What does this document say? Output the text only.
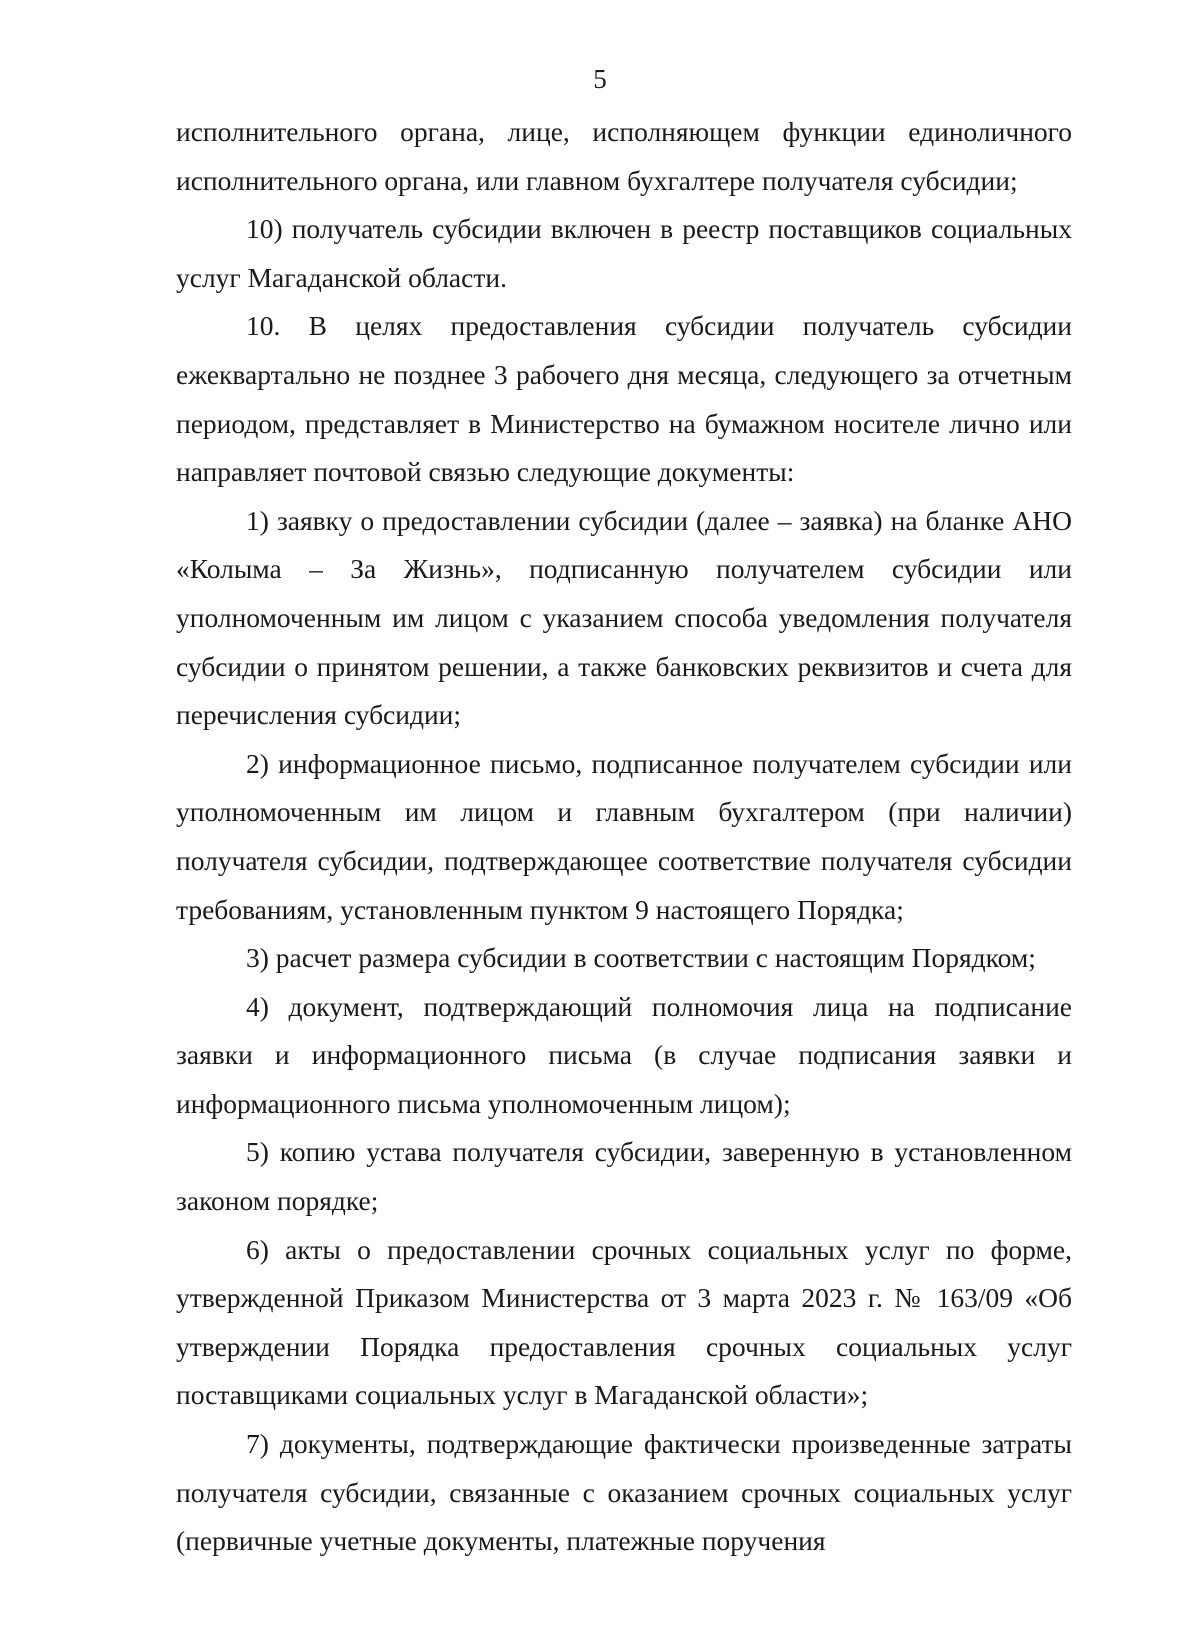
5

исполнительного органа, лице, исполняющем функции единоличного исполнительного органа, или главном бухгалтере получателя субсидии;

10) получатель субсидии включен в реестр поставщиков социальных услуг Магаданской области.

10. В целях предоставления субсидии получатель субсидии ежеквартально не позднее 3 рабочего дня месяца, следующего за отчетным периодом, представляет в Министерство на бумажном носителе лично или направляет почтовой связью следующие документы:

1) заявку о предоставлении субсидии (далее – заявка) на бланке АНО «Колыма – За Жизнь», подписанную получателем субсидии или уполномоченным им лицом с указанием способа уведомления получателя субсидии о принятом решении, а также банковских реквизитов и счета для перечисления субсидии;

2) информационное письмо, подписанное получателем субсидии или уполномоченным им лицом и главным бухгалтером (при наличии) получателя субсидии, подтверждающее соответствие получателя субсидии требованиям, установленным пунктом 9 настоящего Порядка;

3) расчет размера субсидии в соответствии с настоящим Порядком;

4) документ, подтверждающий полномочия лица на подписание заявки и информационного письма (в случае подписания заявки и информационного письма уполномоченным лицом);

5) копию устава получателя субсидии, заверенную в установленном законом порядке;

6) акты о предоставлении срочных социальных услуг по форме, утвержденной Приказом Министерства от 3 марта 2023 г. № 163/09 «Об утверждении Порядка предоставления срочных социальных услуг поставщиками социальных услуг в Магаданской области»;

7) документы, подтверждающие фактически произведенные затраты получателя субсидии, связанные с оказанием срочных социальных услуг (первичные учетные документы, платежные поручения
